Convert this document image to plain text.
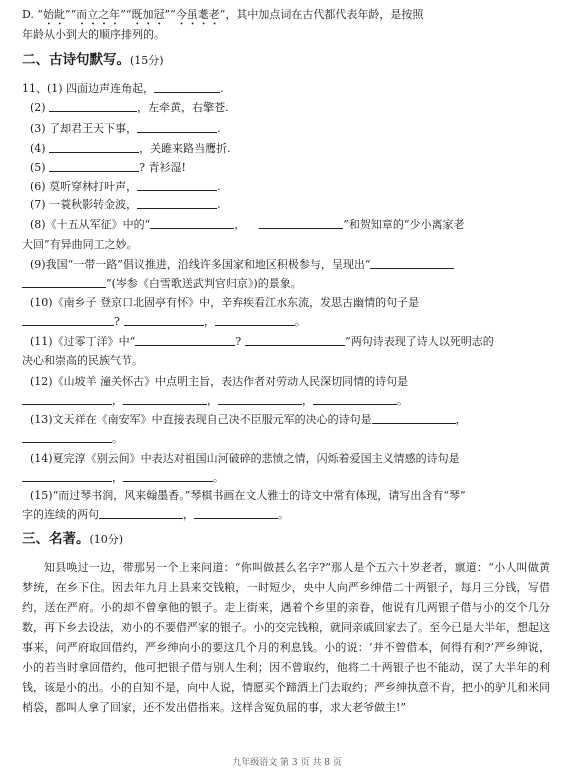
D. “始龀”“而立之年”“既加冠”“今虽耄老”，其中加点词在古代都代表年龄，是按照
年龄从小到大的顺序排列的。
二、古诗句默写。(15分)
11、(1) 四面边声连角起，	.
(2)	，左牵黄，右擎苍.
(3) 了却君王天下事，	.
(4)	，关雎来路当鹰折.
(5)	? 青衫湿!
(6) 莫听穿林打叶声，	.
(7) 一蓑秋影转金波，	.
(8)《十五从军征》中的“	，	”和贺知章的“少小离家老
大回”有异曲同工之妙。
(9)我国“一带一路”倡议推进，沿线许多国家和地区积极参与，呈现出“
”(岑参《白雪歌送武判官归京》)的景象。
(10)《南乡子 登京口北固亭有怀》中，辛弃疾看江水东流，发思古幽情的句子是
?	，	。
(11)《过零丁洋》中“	?	”两句诗表现了诗人以死明志的
决心和崇高的民族气节。
(12)《山坡羊 潼关怀古》中点明主旨，表达作者对劳动人民深切同情的诗句是
，	，	，	。
(13)文天祥在《南安军》中直接表现自己决不臣服元军的决心的诗句是	，
。
(14)夏完淳《别云间》中表达对祖国山河破碎的悲愤之情，闪烁着爱国主义情感的诗句是
，	。
(15)“而过琴书润，风来翰墨香。”琴棋书画在文人雅士的诗文中常有体现，请写出含有“琴”
字的连续的两句	，	。
三、名著。(10分)
知县唤过一边，带那另一个上来问道：“你叫做甚么名字?”那人是个五六十岁老者，禀道：“小人叫做黄梦统，在乡下住。因去年九月上县来交钱粮，一时短少，央中人向严乡绅借二十两银子，每月三分钱，写借约，送在严府。小的却不曾拿他的银子。走上街来，遇着个乡里的亲眷，他说有几两银子借与小的交个几分数，再下乡去设法，劝小的不要借严家的银子。小的交完钱粮，就同亲戚回家去了。至今已是大半年，想起这事来，问严府取回借约，严乡绅向小的要这几个月的利息钱。小的说：‘并不曾借本，何得有利?’严乡绅说，小的若当时拿回借约，他可把银子借与别人生利；因不曾取约，他将二十两银子也不能动，误了大半年的利钱，该是小的出。小的自知不是，向中人说，情愿买个蹄酒上门去取约；严乡绅执意不肯，把小的驴儿和米同梢袋，都叫人拿了回家，还不发出借指来。这样含冤负屈的事，求大老爷做主!”
九年级语文 第 3 页 共 8 页
